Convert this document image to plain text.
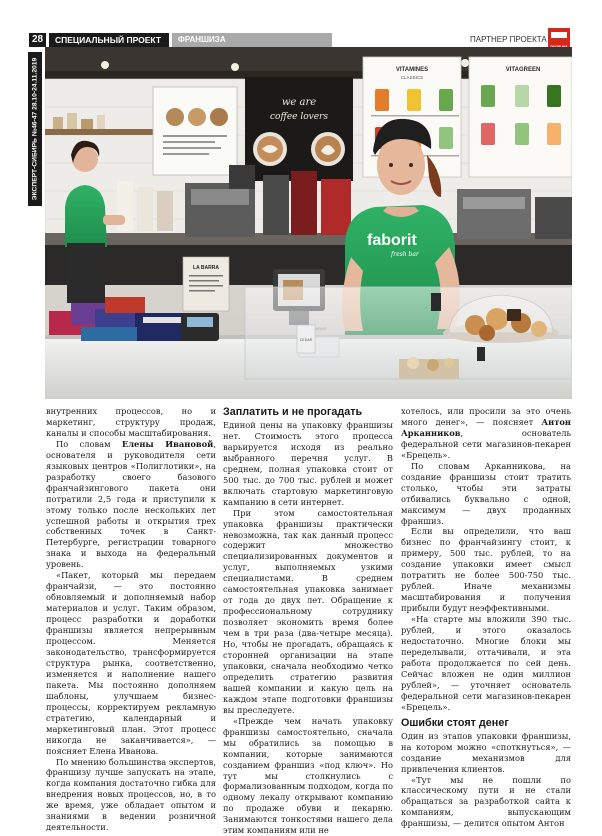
28	СПЕЦИАЛЬНЫЙ ПРОЕКТ	ФРАНШИЗА	ПАРТНЕР ПРОЕКТА
ЭКСПЕРТ-СИБИРЬ №46-47 28.10-24.11.2019	we are
coffee lovers
VITAMINES
CLASSICS
VITAGREEN
faborit
fresh bar
LA BARRA
CEDAR

внутренних процессов, но и маркетинг, структуру продаж, каналы и способы масштабирования.

По словам Елены Ивановой, основателя и руководителя сети языковых центров «Полиглотики», на разработку своего базового франчайзингового пакета они потратили 2,5 года и приступили к этому только после нескольких лет успешной работы и открытия трех собственных точек в Санкт-Петербурге, регистрации товарного знака и выхода на федеральный уровень.

«Пакет, который мы передаем франчайзи, — это постоянно обновляемый и дополняемый набор материалов и услуг. Таким образом, процесс разработки и доработки франшизы является непрерывным процессом. Меняется законодательство, трансформируется структура рынка, соответственно, изменяется и наполнение нашего пакета. Мы постоянно дополняем шаблоны, улучшаем бизнес-процессы, корректируем рекламную стратегию, календарный и маркетинговый план. Этот процесс никогда не заканчивается», — поясняет Елена Иванова.

По мнению большинства экспертов, франшизу лучше запускать на этапе, когда компания достаточно гибка для внедрения новых процессов, но, в то же время, уже обладает опытом и знаниями в ведении розничной деятельности.

Заплатить и не прогадать

Единой цены на упаковку франшизы нет. Стоимость этого процесса варьируется исходя из реально выбранного перечня услуг. В среднем, полная упаковка стоит от 500 тыс. до 700 тыс. рублей и может включать стартовую маркетинговую кампанию в сети интернет.

При этом самостоятельная упаковка франшизы практически невозможна, так как данный процесс содержит множество специализированных документов и услуг, выполняемых узкими специалистами. В среднем самостоятельная упаковка занимает от года до двух лет. Обращение к профессиональному сотруднику позволяет экономить время более чем в три раза (два-четыре месяца). Но, чтобы не прогадать, обращаясь к сторонней организации на этапе упаковки, сначала необходимо четко определить стратегию развития вашей компании и какую цель на каждом этапе подготовки франшизы вы преследуете.

«Прежде чем начать упаковку франшизы самостоятельно, сначала мы обратились за помощью в компании, которые занимаются созданием франшиз «под ключ». Но тут мы столкнулись с формализованным подходом, когда по одному лекалу открывают компанию по продаже обуви и пекарню. Занимаются тонкостями нашего дела этим компаниям или не

хотелось, или просили за это очень много денег», — поясняет Антон Арканников, основатель федеральной сети магазинов-пекарен «Брецель».

По словам Арканникова, на создание франшизы стоит тратить столько, чтобы эти затраты отбивались буквально с одной, максимум — двух проданных франшиз.

Если вы определили, что ваш бизнес по франчайзингу стоит, к примеру, 500 тыс. рублей, то на создание упаковки имеет смысл потратить не более 500-750 тыс. рублей. Иначе механизмы масштабирования и получения прибыли будут неэффективными.

«На старте мы вложили 390 тыс. рублей, и этого оказалось недостаточно. Многие блоки мы переделывали, оттачивали, и эта работа продолжается по сей день. Сейчас вложен не один миллион рублей», — уточняет основатель федеральной сети магазинов-пекарен «Брецель».

Ошибки стоят денег

Один из этапов упаковки франшизы, на котором можно «споткнуться», — создание механизмов для привлечения клиентов.

«Тут мы не пошли по классическому пути и не стали обращаться за разработкой сайта к компаниям, выпускающим франшизы, — делится опытом Антон
